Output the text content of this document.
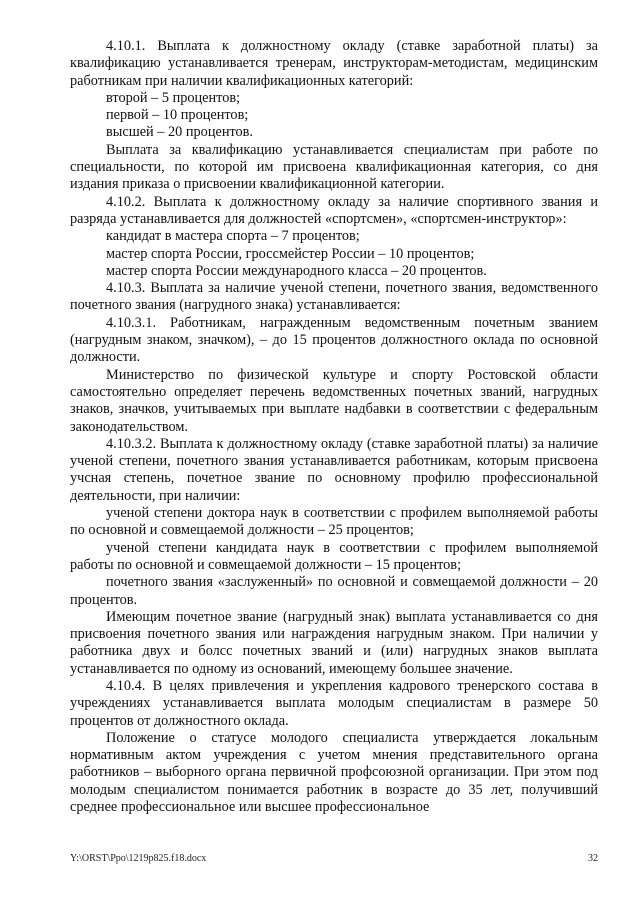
4.10.1. Выплата к должностному окладу (ставке заработной платы) за квалификацию устанавливается тренерам, инструкторам-методистам, медицинским работникам при наличии квалификационных категорий:

второй – 5 процентов;

первой – 10 процентов;

высшей – 20 процентов.

Выплата за квалификацию устанавливается специалистам при работе по специальности, по которой им присвоена квалификационная категория, со дня издания приказа о присвоении квалификационной категории.

4.10.2. Выплата к должностному окладу за наличие спортивного звания и разряда устанавливается для должностей «спортсмен», «спортсмен-инструктор»:

кандидат в мастера спорта – 7 процентов;

мастер спорта России, гроссмейстер России – 10 процентов;

мастер спорта России международного класса – 20 процентов.

4.10.3. Выплата за наличие ученой степени, почетного звания, ведомственного почетного звания (нагрудного знака) устанавливается:

4.10.3.1. Работникам, награжденным ведомственным почетным званием (нагрудным знаком, значком), – до 15 процентов должностного оклада по основной должности.

Министерство по физической культуре и спорту Ростовской области самостоятельно определяет перечень ведомственных почетных званий, нагрудных знаков, значков, учитываемых при выплате надбавки в соответствии с федеральным законодательством.

4.10.3.2. Выплата к должностному окладу (ставке заработной платы) за наличие ученой степени, почетного звания устанавливается работникам, которым присвоена учсная степень, почетное звание по основному профилю профессиональной деятельности, при наличии:

ученой степени доктора наук в соответствии с профилем выполняемой работы по основной и совмещаемой должности – 25 процентов;

ученой степени кандидата наук в соответствии с профилем выполняемой работы по основной и совмещаемой должности – 15 процентов;

почетного звания «заслуженный» по основной и совмещаемой должности – 20 процентов.

Имеющим почетное звание (нагрудный знак) выплата устанавливается со дня присвоения почетного звания или награждения нагрудным знаком. При наличии у работника двух и болсс почетных званий и (или) нагрудных знаков выплата устанавливается по одному из оснований, имеющему большее значение.

4.10.4. В целях привлечения и укрепления кадрового тренерского состава в учреждениях устанавливается выплата молодым специалистам в размере 50 процентов от должностного оклада.

Положение о статусе молодого специалиста утверждается локальным нормативным актом учреждения с учетом мнения представительного органа работников – выборного органа первичной профсоюзной организации. При этом под молодым специалистом понимается работник в возрасте до 35 лет, получивший среднее профессиональное или высшее профессиональное

Y:\ORST\Ppo\1219p825.f18.docx	32
